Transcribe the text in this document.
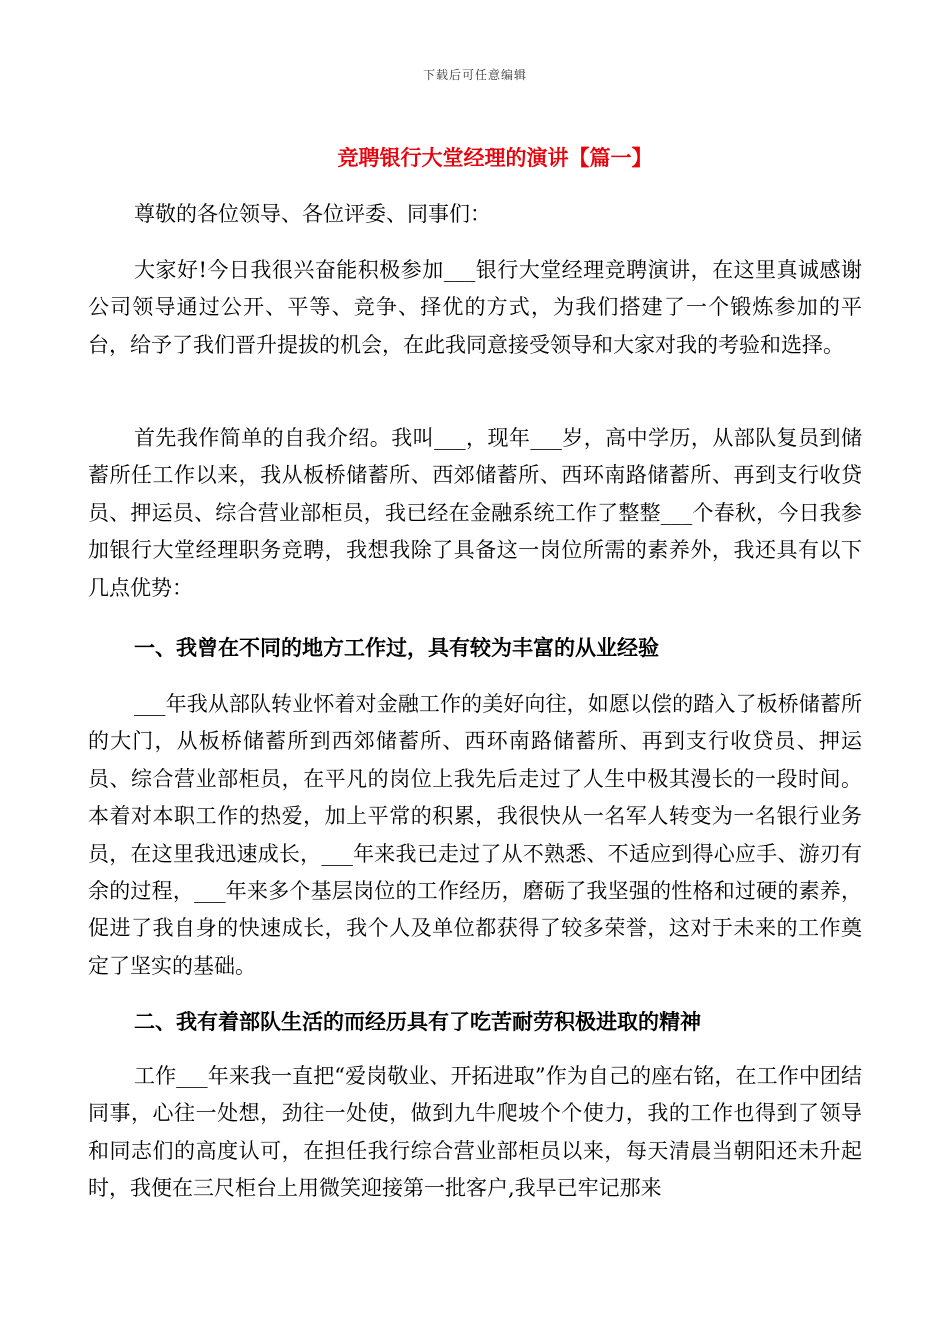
下载后可任意编辑
竞聘银行大堂经理的演讲【篇一】

尊敬的各位领导、各位评委、同事们：

大家好!今日我很兴奋能积极参加___银行大堂经理竞聘演讲，在这里真诚感谢公司领导通过公开、平等、竞争、择优的方式，为我们搭建了一个锻炼参加的平台，给予了我们晋升提拔的机会，在此我同意接受领导和大家对我的考验和选择。

首先我作简单的自我介绍。我叫___，现年___岁，高中学历，从部队复员到储蓄所任工作以来，我从板桥储蓄所、西郊储蓄所、西环南路储蓄所、再到支行收贷员、押运员、综合营业部柜员，我已经在金融系统工作了整整___个春秋，今日我参加银行大堂经理职务竞聘，我想我除了具备这一岗位所需的素养外，我还具有以下几点优势：

一、我曾在不同的地方工作过，具有较为丰富的从业经验

___年我从部队转业怀着对金融工作的美好向往，如愿以偿的踏入了板桥储蓄所的大门，从板桥储蓄所到西郊储蓄所、西环南路储蓄所、再到支行收贷员、押运员、综合营业部柜员，在平凡的岗位上我先后走过了人生中极其漫长的一段时间。本着对本职工作的热爱，加上平常的积累，我很快从一名军人转变为一名银行业务员，在这里我迅速成长，___年来我已走过了从不熟悉、不适应到得心应手、游刃有余的过程，___年来多个基层岗位的工作经历，磨砺了我坚强的性格和过硬的素养，促进了我自身的快速成长，我个人及单位都获得了较多荣誉，这对于未来的工作奠定了坚实的基础。

二、我有着部队生活的而经历具有了吃苦耐劳积极进取的精神

工作___年来我一直把“爱岗敬业、开拓进取”作为自己的座右铭，在工作中团结同事，心往一处想，劲往一处使，做到九牛爬坡个个使力，我的工作也得到了领导和同志们的高度认可，在担任我行综合营业部柜员以来，每天清晨当朝阳还未升起时，我便在三尺柜台上用微笑迎接第一批客户,我早已牢记那来
